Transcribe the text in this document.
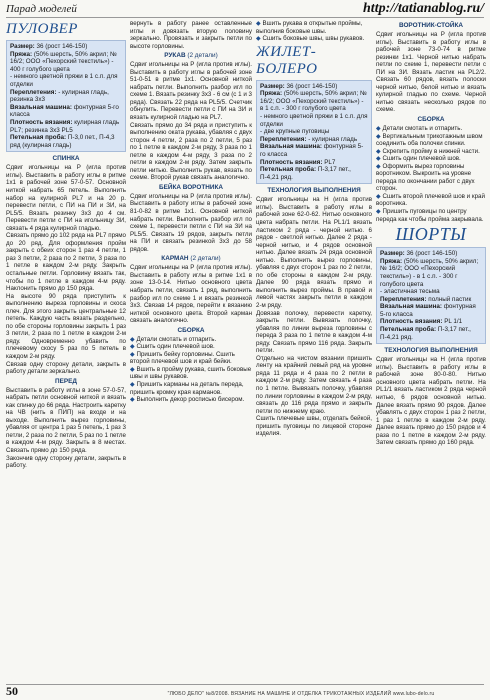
Парад моделей	http://tatianablog.ru/
ПУЛОВЕР

Размер: 36 (рост 146-150)

Пряжа: (50% шерсть, 50% акрил; № 16/2; ООО «Пехорский текстиль») - 400 г голубого цвета

- немного цветной пряжи в 1 с.п. для отделки

Переплетения: - кулирная гладь, резинка 3х3

Вязальная машина: фонтурная 5-го класса

Плотность вязания: кулирная гладь PL7; резинка 3х3 PL5

Петельная проба: П-3,0 пет., П-4,3 ряд (кулирная гладь)

СПИНКА

Сдвиг игольницы на Р (игла против иглы). Выставить в работу иглы в ритме 1х1 в рабочей зоне 57-0-57. Основной ниткой набрать 65 петель. Выполнить набор на кулирной PL7 и на 20 р. перевести петли, с ПИ на ПИ и ЗИ, на PL5/5. Вязать резинку 3х3 до 4 см. Перевести петли с ПИ на игольницу ЗИ, связать 4 ряда кулирной гладью.

Связать прямо до 102 ряда на PL7 прямо до 20 ряд. Для оформления пройм закрыть с обеих сторон 1 раз 4 петли, 1 раз 3 петли, 2 раза по 2 петли, 3 раза по 1 петле в каждом 2-м ряду. Закрыть остальные петли. Горловину вязать так, чтобы по 1 петле в каждом 4-м ряду. Наклонить прямо до 150 ряда.

На высоте 90 ряда приступить к выполнению выреза горловины и скоса плеч. Для этого закрыть центральные 12 петель. Каждую часть вязать раздельно, по обе стороны горловины закрыть 1 раз 3 петли, 2 раза по 1 петле в каждом 2-м ряду. Одновременно убавить по плечевому скосу 5 раз по 5 петель в каждом 2-м ряду.

Связав одну сторону детали, закрыть в работу детали зеркально.

ПЕРЕД

Выставить в работу иглы в зоне 57-0-57, набрать петли основной ниткой и вязать как спинку до 66 ряда. Настроить каретку на ЧВ (нить в ПИП) на входе и на выходе. Выполнить вырез горловины, убавляя от центра 1 раз 5 петель, 1 раз 3 петли, 2 раза по 2 петли, 5 раз по 1 петле в каждом 4-м ряду. Закрыть в 8 местах. Связать прямо до 150 ряда.

Закончив одну сторону детали, закрыть в работу.

вернуть в работу ранее оставленные иглы и довязать вторую половину зеркально. Провязать и закрыть петли по высоте горловины.

РУКАВ (2 детали)

Сдвиг игольницы на Р (игла против иглы). Выставить в работу иглы в рабочей зоне 51-0-51 в ритме 1х1. Основной ниткой набрать петли. Выполнить разбор игл по схеме 1. Вязать резинку 3х3 - 6 см (с 1 и 3 ряда). Связать 22 ряда на PL5/5. Счетчик обнулить. Перевести петли с ПИ на ЗИ и вязать кулирной гладью на PL7.

Связать прямо до 34 ряда и приступить к выполнению оката рукава, убавляя с двух сторон 4 петли, 2 раза по 2 петли, 5 раз по 1 петле в каждом 2-м ряду, 3 раза по 1 петле в каждом 4-м ряду, 3 раза по 2 петли в каждом 2-м ряду. Затем закрыть петли нитью. Выполнить рукав, вязать по схеме. Второй рукав связать аналогично.

БЕЙКА ВОРОТНИКА

Сдвиг игольницы на Р (игла против иглы). Выставить в работу иглы в рабочей зоне 81-0-82 в ритме 1х1. Основной ниткой набрать петли. Выполнить разбор игл по схеме 1, перевести петли с ПИ на ЗИ на PL5/5. Связать 19 рядов, закрыть петли на ПИ и связать резинкой 3х3 до 58 рядов.

КАРМАН (2 детали)

Сдвиг игольницы на Р (игла против иглы). Выставить в работу иглы в ритме 1х1 в зоне 13-0-14. Нитью основного цвета набрать петли, связать 1 ряд, выполнить разбор игл по схеме 1 и вязать резинкой 3х3. Связав 14 рядов, перейти к вязанию ниткой основного цвета. Второй карман связать аналогично.

СБОРКА

◆ Детали смотать и отпарить.

◆ Сшить один плечевой шов.

◆ Пришить бейку горловины. Сшить второй плечевой шов и край бейки.

◆ Вшить в пройму рукава, сшить боковые швы и швы рукавов.

◆ Пришить карманы на деталь переда, пришить кромку края карманов.

◆ Выполнить декор росписью бисером.

◆ Вшить рукава в открытые проймы, выполнив боковые швы.

◆ Сшить боковые швы, швы рукавов.

ЖИЛЕТ-БОЛЕРО

Размер: 36 (рост 146-150)

Пряжа: (50% шерсть, 50% акрил; № 16/2; ООО «Пехорский текстиль») - в 1 с.п. - 300 г голубого цвета

- немного цветной пряжи в 1 с.п. для отделки

- две крупные пуговицы

Переплетения: - кулирная гладь

Вязальная машина: фонтурная 5-го класса

Плотность вязания: PL7

Петельная проба: П-3,17 пет., П-4,21 ряд.

ТЕХНОЛОГИЯ ВЫПОЛНЕНИЯ

Сдвиг игольницы на Н (игла против иглы). Выставить в работу иглы в рабочей зоне 62-0-62. Нитью основного цвета набрать петли. На PL1/1 вязать ластиком 2 ряда - черной нитью. 6 рядов - светлой нитью. Далее 2 ряда - черной нитью, и 4 рядов основной нитью. Далее вязать 24 ряда основной нитью. Выполнить вырез горловины, убавляя с двух сторон 1 раз по 2 петли, по обе стороны в каждом 2-м ряду. Далее 90 ряда вязать прямо и выполнить вырез проймы. В правой и левой частях закрыть петли в каждом 2-м ряду.

Довязав полочку, перевести каретку, закрыть петли. Вывязать полочку, убавляя по линии выреза горловины с переда 3 раза по 1 петле в каждом 4-м ряду. Связать прямо 116 ряда. Закрыть петли.

Отдельно на чистом вязании пришить ленту на крайний левый ряд на уровне ряда 11 ряда и 4 раза по 2 петли в каждом 2-м ряду. Затем связать 4 раза по 1 петле. Вывязать полочку, убавляя по линии горловины в каждом 2-м ряду, связать до 116 ряда прямо и закрыть петли по нижнему краю.

Сшить плечевые швы, отделать бейкой, пришить пуговицы по лицевой стороне изделия.

ВОРОТНИК-СТОЙКА

Сдвиг игольницы на Р (игла против иглы). Выставить в работу иглы в рабочей зоне 73-0-74 в ритме резинки 1х1. Черной нитью набрать петли по схеме 1, перевести петли с ПИ на ЗИ. Вязать ластик на PL2/2. Связать 60 рядов, вязать полоски черной нитью, белой нитью и вязать кулирной гладью по схеме. Черной нитью связать несколько рядов по схеме.

СБОРКА

◆ Детали смотать и отпарить.

◆ Вертикальным трикотажным швом соединить оба полочки спинки.

◆ Скрепить пройму в нижней части.

◆ Сшить один плечевой шов.

◆ Оформить вырез горловины воротником. Выкроить на уровне переда по окончании работ с двух сторон.

◆ Сшить второй плечевой шов и край воротника.

◆ Пришить пуговицы по центру переда как чтобы пройма закрывала.

ШОРТЫ

Размер: 36 (рост 146-150)

Пряжа: (50% шерсть, 50% акрил; № 16/2; ООО «Пехорский текстиль») - в 1 с.п. - 300 г голубого цвета

- эластичная тесьма

Переплетения: полный пастик

Вязальная машина: фонтурная 5-го класса

Плотность вязания: PL 1/1

Петельная проба: П-3,17 пет., П-4,21 ряд.

ТЕХНОЛОГИЯ ВЫПОЛНЕНИЯ

Сдвиг игольницы на Н (игла против иглы). Выставить в работу иглы в рабочей зоне 80-0-80. Нитью основного цвета набрать петли. На PL1/1 вязать ластиком 2 ряда черной нитью, 6 рядов основной нитью. Далее вязать прямо 90 рядов. Далее убавлять с двух сторон 1 раз 2 петли, 1 раз 1 петлю в каждом 2-м ряду. Далее вязать прямо до 150 рядов и 4 раза по 1 петле в каждом 2-м ряду. Затем связать прямо до 160 ряда.

50	"ЛЮБО ДЕЛО" №8/2008. ВЯЗАНИЕ НА МАШИНЕ И ОТДЕЛКА ТРИКОТАЖНЫХ ИЗДЕЛИЙ www.lubo-delo.ru
